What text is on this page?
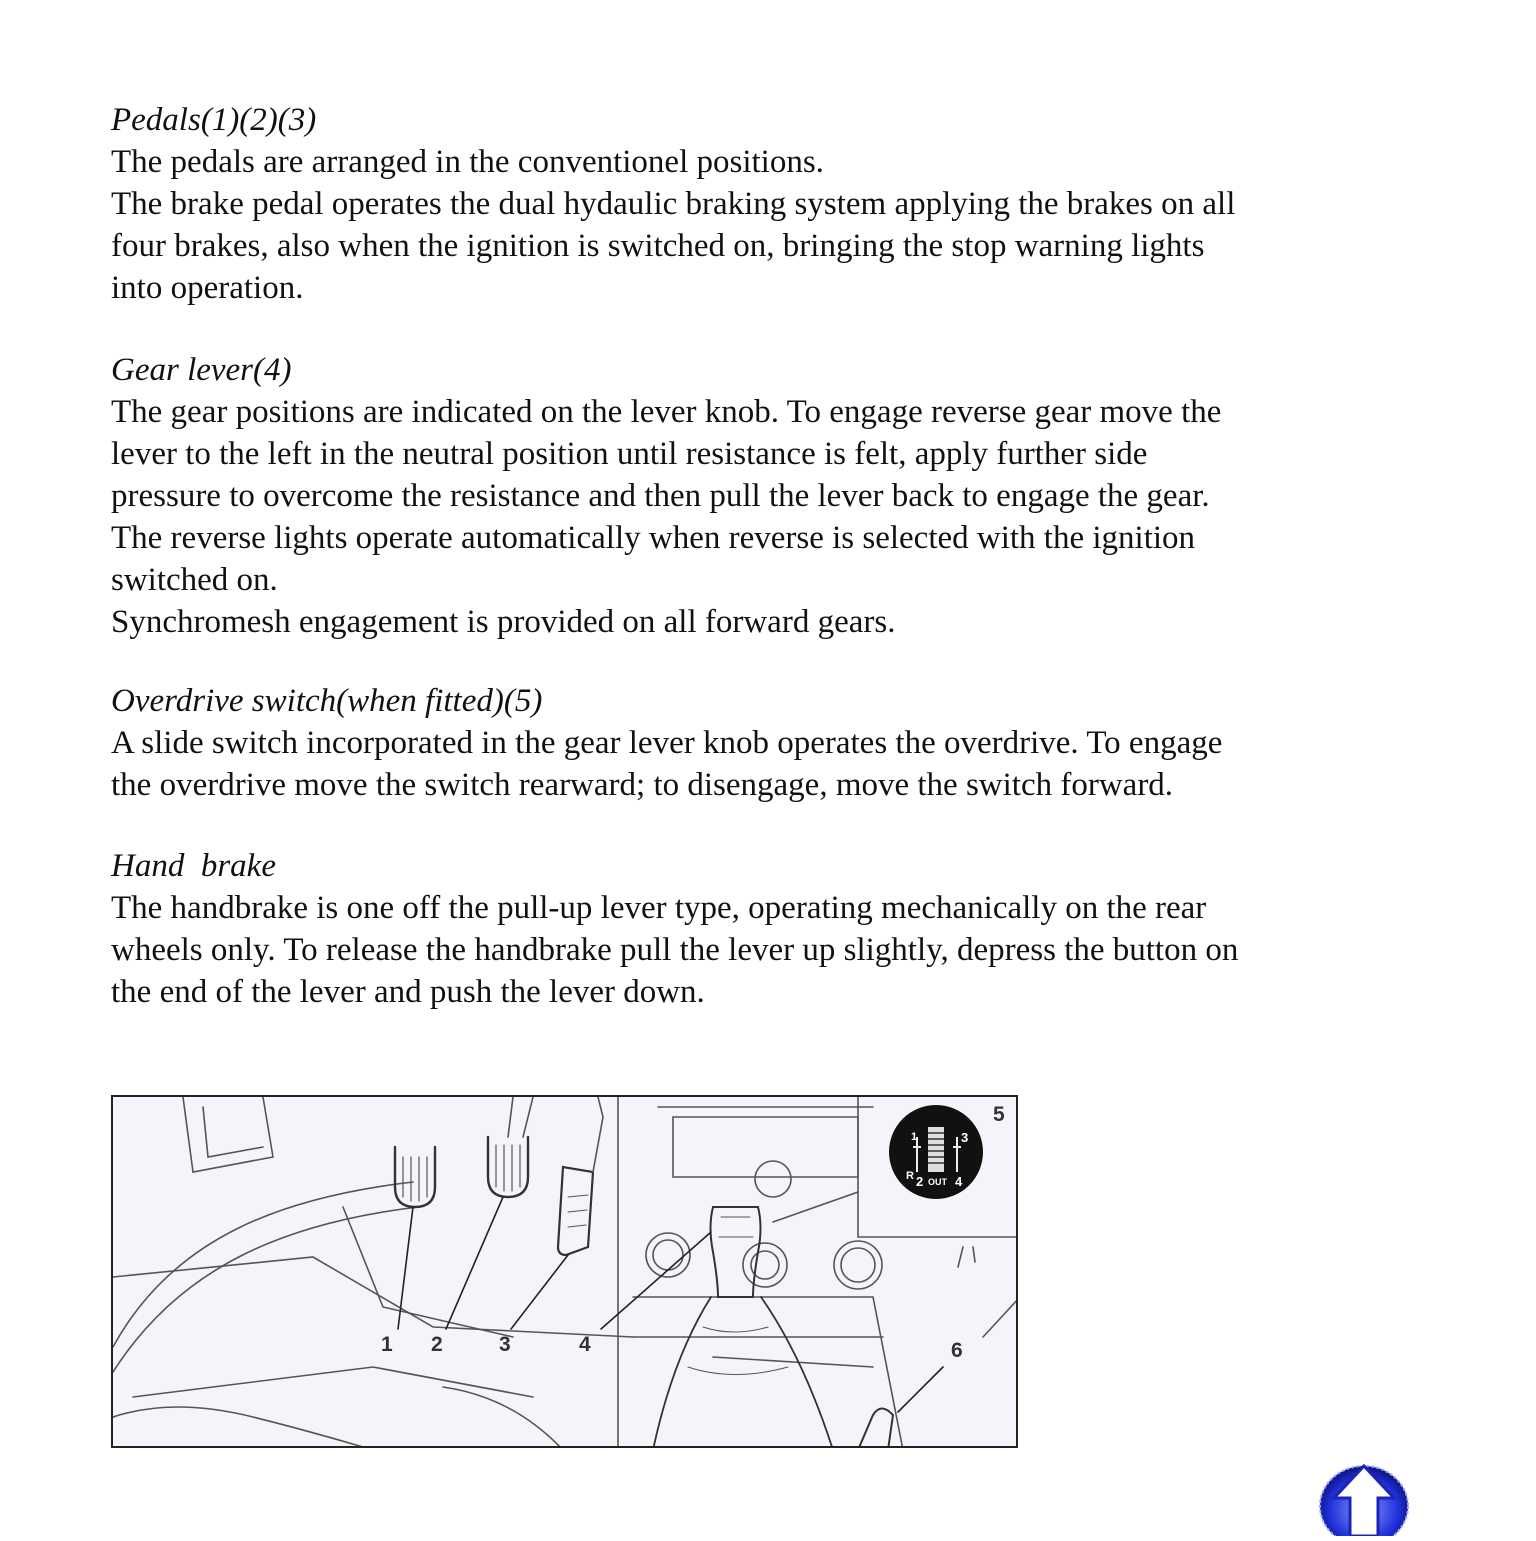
Pedals(1)(2)(3)

The pedals are arranged in the conventionel positions.
The brake pedal operates the dual hydaulic braking system applying the brakes on all
four brakes, also when the ignition is switched on, bringing the stop warning lights
into operation.

Gear lever(4)

The gear positions are indicated on the lever knob. To engage reverse gear move the
lever to the left in the neutral position until resistance is felt, apply further side
pressure to overcome the resistance and then pull the lever back to engage the gear.
The reverse lights operate automatically when reverse is selected with the ignition
switched on.
Synchromesh engagement is provided on all forward gears.

Overdrive switch(when fitted)(5)

A slide switch incorporated in the gear lever knob operates the overdrive. To engage
the overdrive move the switch rearward; to disengage, move the switch forward.

Hand  brake

The handbrake is one off the pull-up lever type, operating mechanically on the rear
wheels only. To release the handbrake pull the lever up slightly, depress the button on
the end of the lever and push the lever down.

3
R 2 OUT 4
1
1 2	3	4
5
6
